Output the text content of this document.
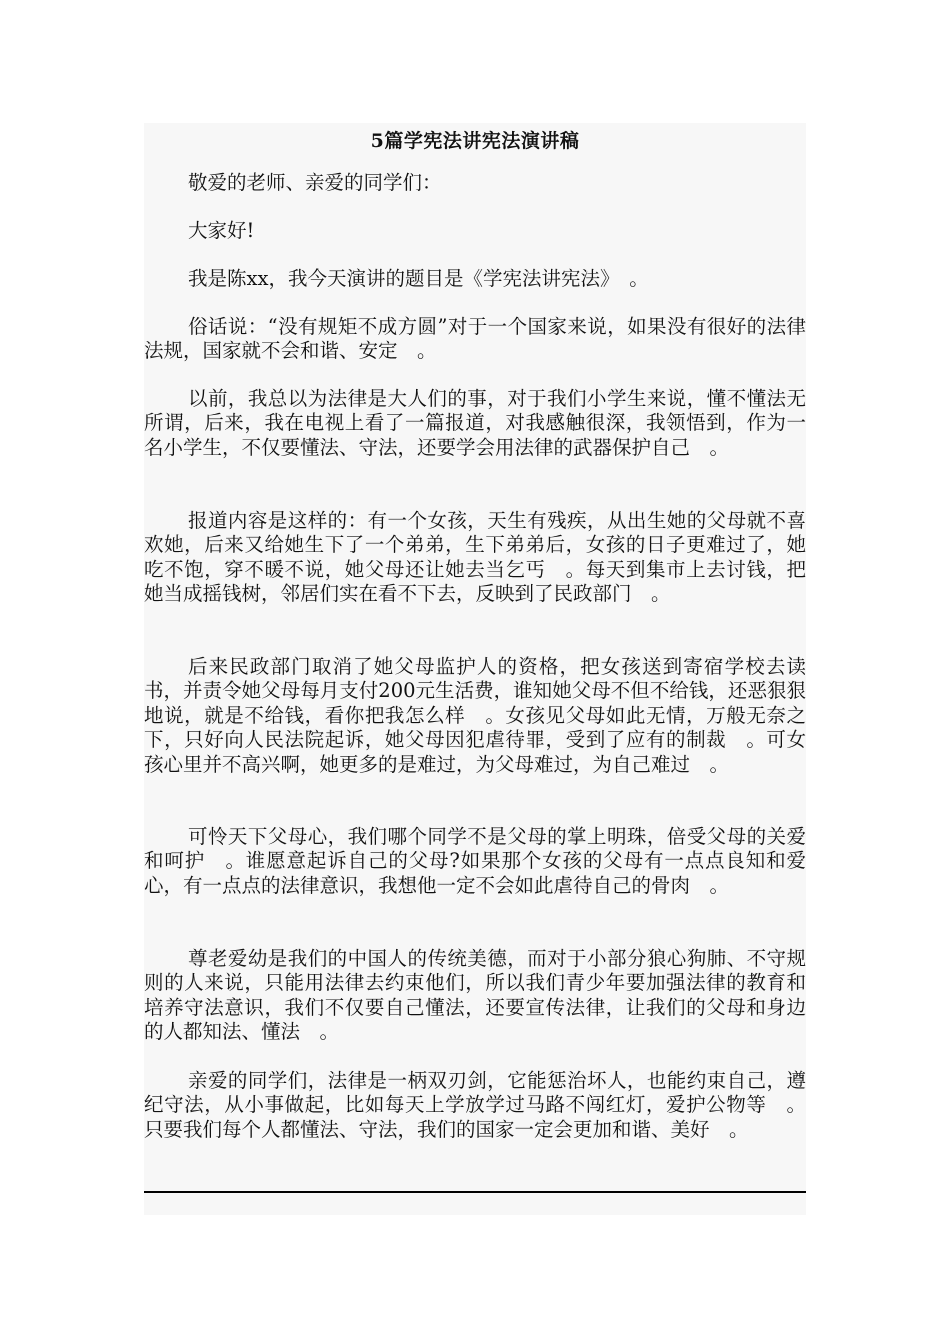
5篇学宪法讲宪法演讲稿

敬爱的老师、亲爱的同学们：

大家好!

我是陈xx，我今天演讲的题目是《学宪法讲宪法》　。

俗话说：“没有规矩不成方圆”对于一个国家来说，如果没有很好的法律法规，国家就不会和谐、安定　。

以前，我总以为法律是大人们的事，对于我们小学生来说，懂不懂法无所谓，后来，我在电视上看了一篇报道，对我感触很深，我领悟到，作为一名小学生，不仅要懂法、守法，还要学会用法律的武器保护自己　。

报道内容是这样的：有一个女孩，天生有残疾，从出生她的父母就不喜欢她，后来又给她生下了一个弟弟，生下弟弟后，女孩的日子更难过了，她吃不饱，穿不暖不说，她父母还让她去当乞丐　。每天到集市上去讨钱，把她当成摇钱树，邻居们实在看不下去，反映到了民政部门　。

后来民政部门取消了她父母监护人的资格，把女孩送到寄宿学校去读书，并责令她父母每月支付200元生活费，谁知她父母不但不给钱，还恶狠狠地说，就是不给钱，看你把我怎么样　。女孩见父母如此无情，万般无奈之下，只好向人民法院起诉，她父母因犯虐待罪，受到了应有的制裁　。可女孩心里并不高兴啊，她更多的是难过，为父母难过，为自己难过　。

可怜天下父母心，我们哪个同学不是父母的掌上明珠，倍受父母的关爱和呵护　。谁愿意起诉自己的父母?如果那个女孩的父母有一点点良知和爱心，有一点点的法律意识，我想他一定不会如此虐待自己的骨肉　。

尊老爱幼是我们的中国人的传统美德，而对于小部分狼心狗肺、不守规则的人来说，只能用法律去约束他们，所以我们青少年要加强法律的教育和培养守法意识，我们不仅要自己懂法，还要宣传法律，让我们的父母和身边的人都知法、懂法　。

亲爱的同学们，法律是一柄双刃剑，它能惩治坏人，也能约束自己，遵纪守法，从小事做起，比如每天上学放学过马路不闯红灯，爱护公物等　。只要我们每个人都懂法、守法，我们的国家一定会更加和谐、美好　。
